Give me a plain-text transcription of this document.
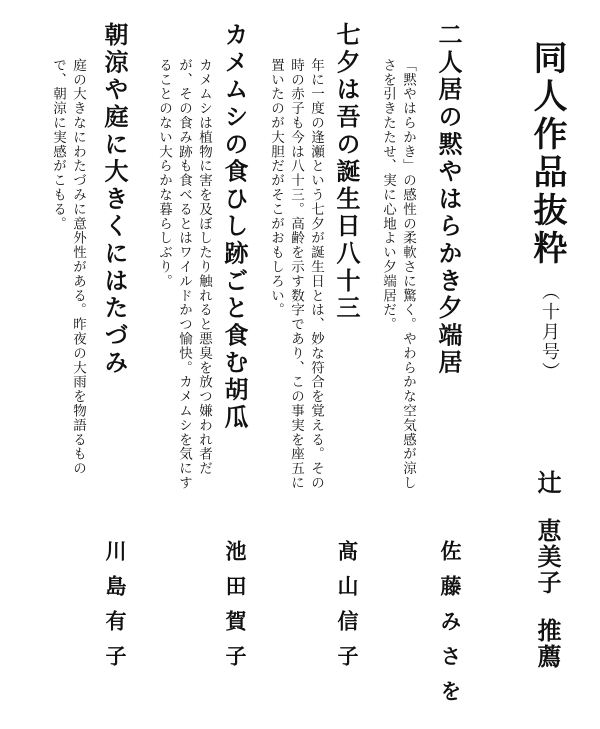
同人作品抜粋
（十月号）
辻恵美子推薦
二人居の黙やはらかき夕端居
佐藤みさを
「黙やはらかき」の感性の柔軟さに驚く。やわらかな空気感が涼しさを引きたたせ、実に心地よい夕端居だ。
七夕は吾の誕生日八十三
髙山信子
年に一度の逢瀬という七夕が誕生日とは、妙な符合を覚える。その時の赤子も今は八十三。高齢を示す数字であり、この事実を座五に置いたのが大胆だがそこがおもしろい。
カメムシの食ひし跡ごと食む胡瓜
池田賀子
カメムシは植物に害を及ぼしたり触れると悪臭を放つ嫌われ者だが、その食み跡も食べるとはワイルドかつ愉快。カメムシを気にすることのない大らかな暮らしぶり。
朝涼や庭に大きくにはたづみ
川島有子
庭の大きなにわたづみに意外性がある。昨夜の大雨を物語るもので、朝涼に実感がこもる。
